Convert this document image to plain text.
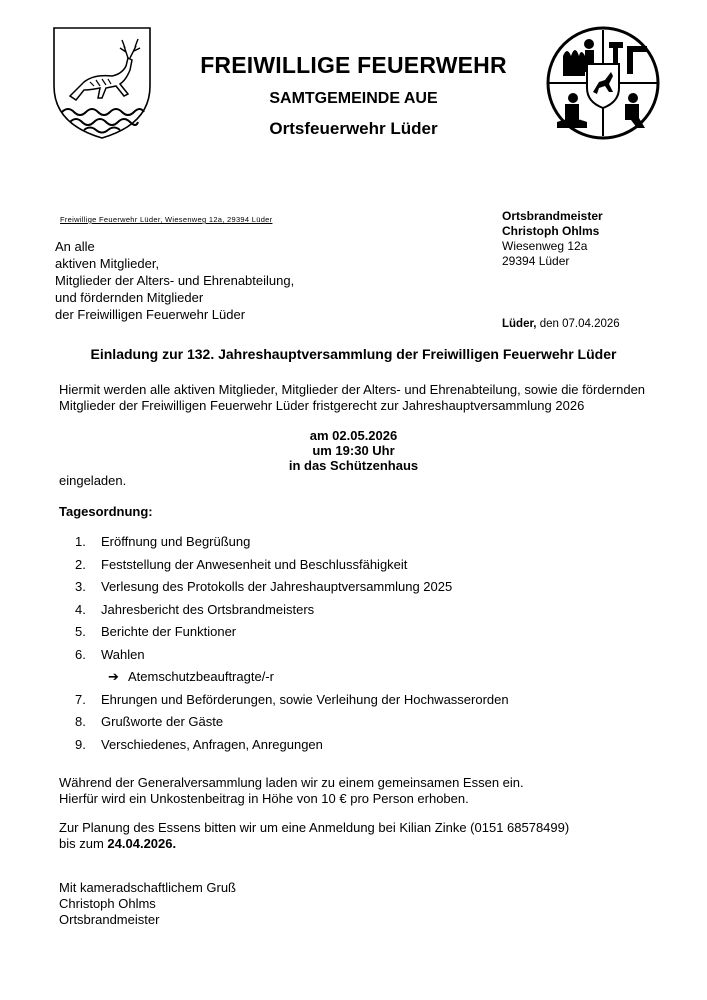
FREIWILLIGE FEUERWEHR
SAMTGEMEINDE AUE
Ortsfeuerwehr Lüder
Freiwillige Feuerwehr Lüder, Wiesenweg 12a, 29394 Lüder
An alle
aktiven Mitglieder,
Mitglieder der Alters- und Ehrenabteilung,
und fördernden Mitglieder
der Freiwilligen Feuerwehr Lüder
Ortsbrandmeister
Christoph Ohlms
Wiesenweg 12a
29394 Lüder
Lüder, den 07.04.2026
Einladung zur 132. Jahreshauptversammlung der Freiwilligen Feuerwehr Lüder
Hiermit werden alle aktiven Mitglieder, Mitglieder der Alters- und Ehrenabteilung, sowie die fördernden Mitglieder der Freiwilligen Feuerwehr Lüder fristgerecht zur Jahreshauptversammlung 2026
am 02.05.2026
um 19:30 Uhr
in das Schützenhaus
eingeladen.
Tagesordnung:
1.	Eröffnung und Begrüßung
2.	Feststellung der Anwesenheit und Beschlussfähigkeit
3.	Verlesung des Protokolls der Jahreshauptversammlung 2025
4.	Jahresbericht des Ortsbrandmeisters
5.	Berichte der Funktioner
6.	Wahlen
➔ Atemschutzbeauftragte/-r
7.	Ehrungen und Beförderungen, sowie Verleihung der Hochwasserorden
8.	Grußworte der Gäste
9.	Verschiedenes, Anfragen, Anregungen
Während der Generalversammlung laden wir zu einem gemeinsamen Essen ein.
Hierfür wird ein Unkostenbeitrag in Höhe von 10 € pro Person erhoben.
Zur Planung des Essens bitten wir um eine Anmeldung bei Kilian Zinke (0151 68578499)
bis zum 24.04.2026.
Mit kameradschaftlichem Gruß
Christoph Ohlms
Ortsbrandmeister
